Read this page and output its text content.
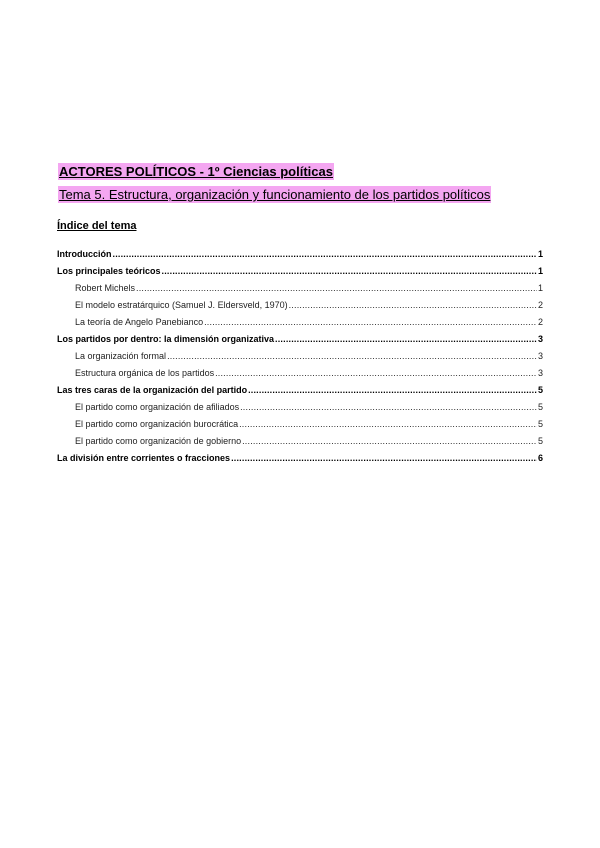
ACTORES POLÍTICOS - 1º Ciencias políticas
Tema 5. Estructura, organización y funcionamiento de los partidos políticos
Índice del tema
Introducción .....	1
Los principales teóricos .....	1
Robert Michels .....	1
El modelo estratárquico (Samuel J. Eldersveld, 1970) .....	2
La teoría de Angelo Panebianco .....	2
Los partidos por dentro: la dimensión organizativa .....	3
La organización formal .....	3
Estructura orgánica de los partidos .....	3
Las tres caras de la organización del partido .....	5
El partido como organización de afiliados .....	5
El partido como organización burocrática .....	5
El partido como organización de gobierno .....	5
La división entre corrientes o fracciones .....	6
